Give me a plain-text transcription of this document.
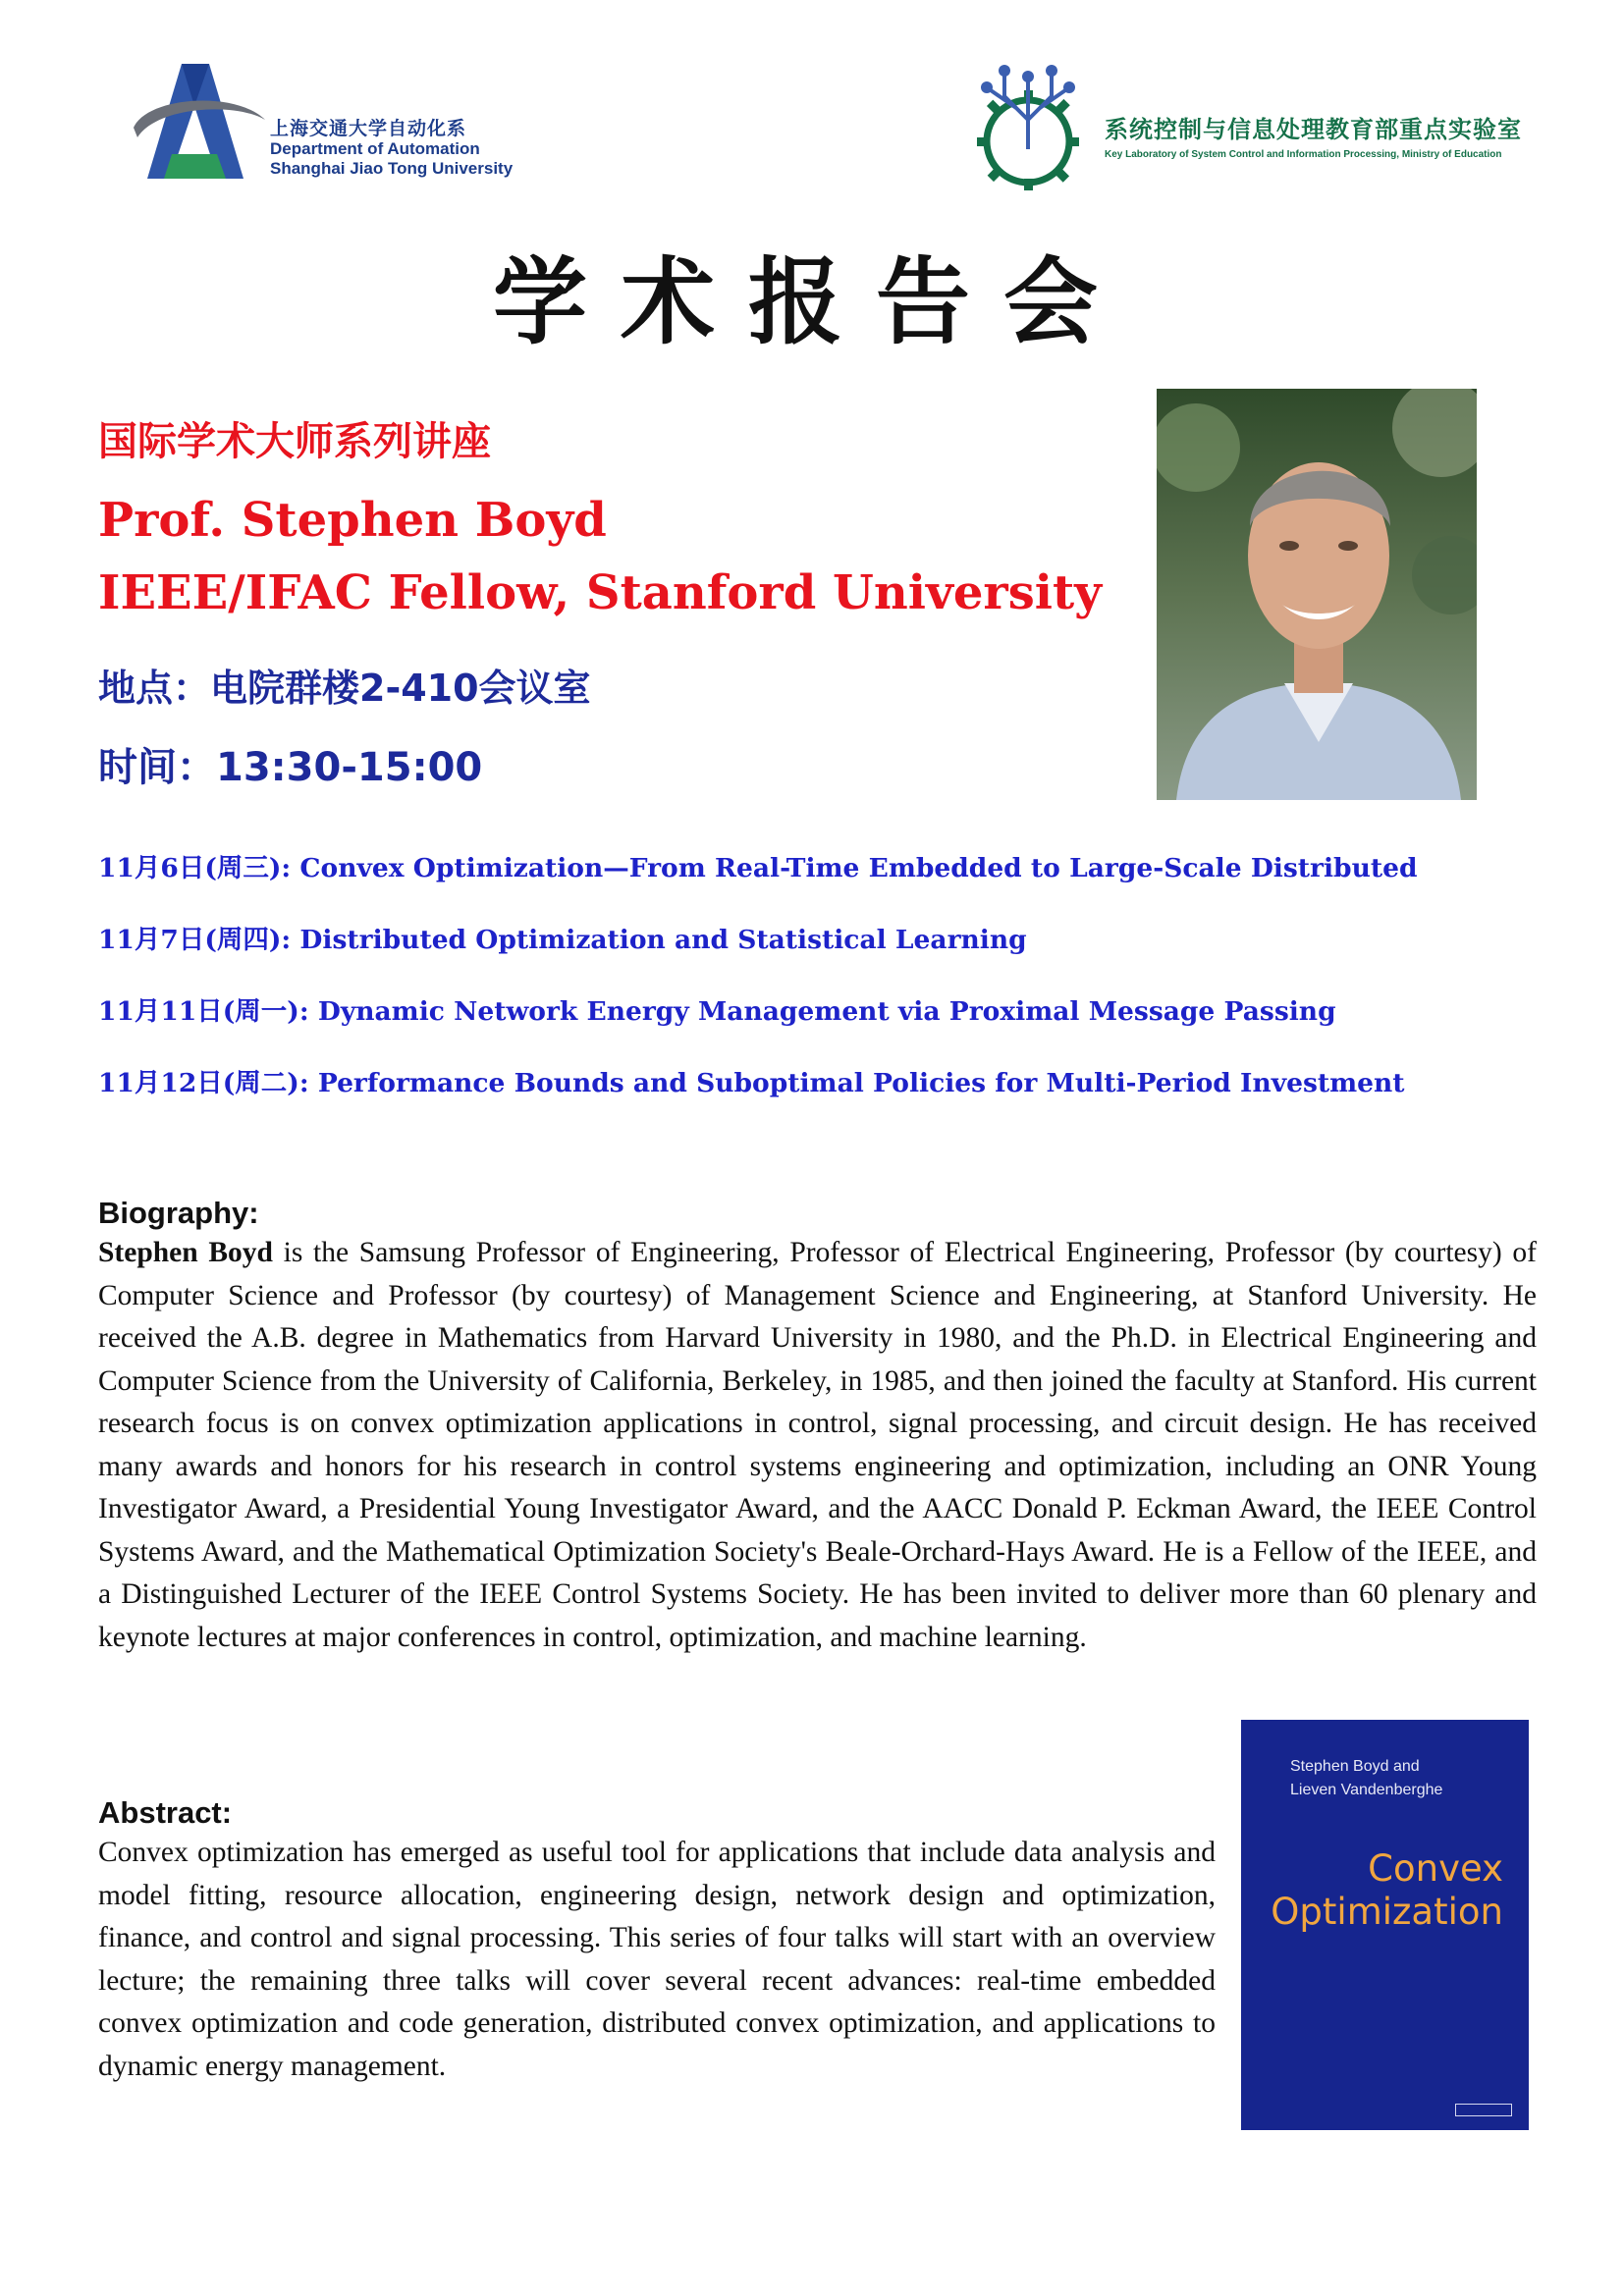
上海交通大学自动化系
Department of Automation
Shanghai Jiao Tong University
系统控制与信息处理教育部重点实验室
Key Laboratory of System Control and Information Processing, Ministry of Education
学术报告会
国际学术大师系列讲座
Prof. Stephen Boyd
IEEE/IFAC Fellow, Stanford University
地点：电院群楼2-410会议室
时间：13:30-15:00
11月6日(周三): Convex Optimization—From Real-Time Embedded to Large-Scale Distributed
11月7日(周四): Distributed Optimization and Statistical Learning
11月11日(周一): Dynamic Network Energy Management via Proximal Message Passing
11月12日(周二): Performance Bounds and Suboptimal Policies for Multi-Period Investment
Biography:
Stephen Boyd is the Samsung Professor of Engineering, Professor of Electrical Engineering, Professor (by courtesy) of Computer Science and Professor (by courtesy) of Management Science and Engineering, at Stanford University. He received the A.B. degree in Mathematics from Harvard University in 1980, and the Ph.D. in Electrical Engineering and Computer Science from the University of California, Berkeley, in 1985, and then joined the faculty at Stanford. His current research focus is on convex optimization applications in control, signal processing, and circuit design. He has received many awards and honors for his research in control systems engineering and optimization, including an ONR Young Investigator Award, a Presidential Young Investigator Award, and the AACC Donald P. Eckman Award, the IEEE Control Systems Award, and the Mathematical Optimization Society's Beale-Orchard-Hays Award. He is a Fellow of the IEEE, and a Distinguished Lecturer of the IEEE Control Systems Society. He has been invited to deliver more than 60 plenary and keynote lectures at major conferences in control, optimization, and machine learning.
Abstract:
Convex optimization has emerged as useful tool for applications that include data analysis and model fitting, resource allocation, engineering design, network design and optimization, finance, and control and signal processing. This series of four talks will start with an overview lecture; the remaining three talks will cover several recent advances: real-time embedded convex optimization and code generation, distributed convex optimization, and applications to dynamic energy management.
Stephen Boyd and
Lieven Vandenberghe
Convex
Optimization
